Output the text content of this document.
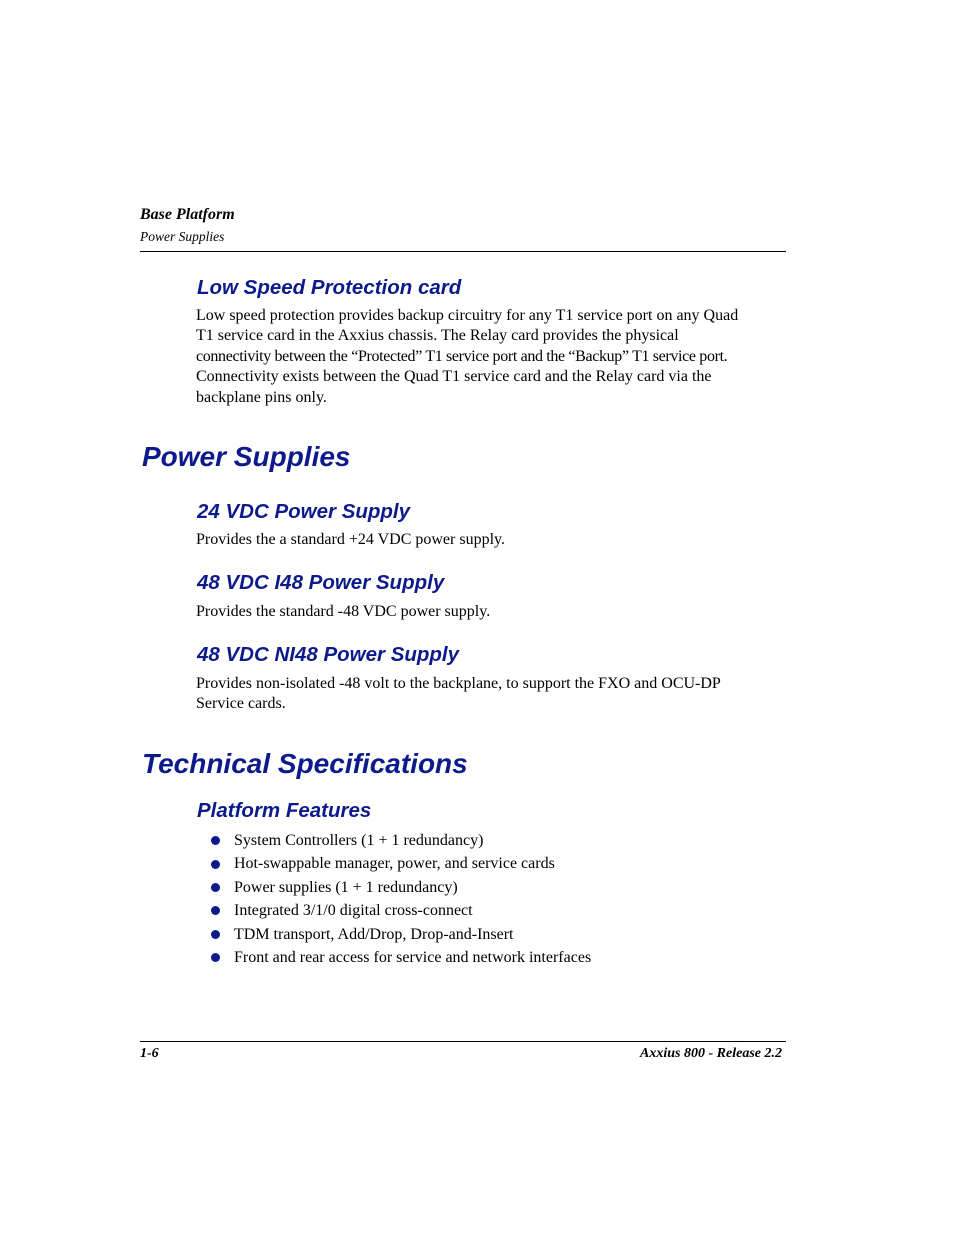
Base Platform
Power Supplies
Low Speed Protection card
Low speed protection provides backup circuitry for any T1 service port on any Quad
T1 service card in the Axxius chassis. The Relay card provides the physical
connectivity between the “Protected” T1 service port and the “Backup” T1 service port.
Connectivity exists between the Quad T1 service card and the Relay card via the
backplane pins only.
Power Supplies
24 VDC Power Supply
Provides the a standard +24 VDC power supply.
48 VDC I48 Power Supply
Provides the standard -48 VDC power supply.
48 VDC NI48 Power Supply
Provides non-isolated -48 volt to the backplane, to support the FXO and OCU-DP
Service cards.
Technical Specifications
Platform Features
System Controllers (1 + 1 redundancy)
Hot-swappable manager, power, and service cards
Power supplies (1 + 1 redundancy)
Integrated 3/1/0 digital cross-connect
TDM transport, Add/Drop, Drop-and-Insert
Front and rear access for service and network interfaces
1-6	Axxius 800 - Release 2.2
